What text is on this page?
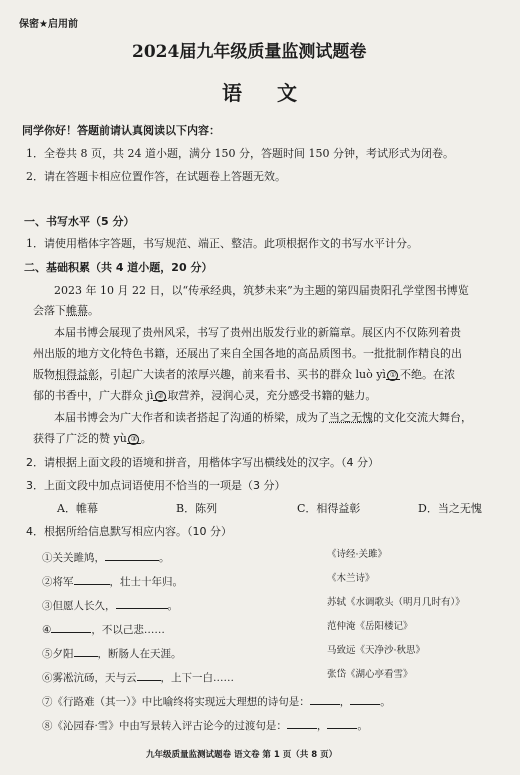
保密★启用前
2024届九年级质量监测试题卷
语 文
同学你好！答题前请认真阅读以下内容：
1．全卷共 8 页，共 24 道小题，满分 150 分，答题时间 150 分钟，考试形式为闭卷。
2．请在答题卡相应位置作答，在试题卷上答题无效。
一、书写水平（5 分）
1．请使用楷体字答题，书写规范、端正、整洁。此项根据作文的书写水平计分。
二、基础积累（共 4 道小题，20 分）
2023 年 10 月 22 日，以“传承经典，筑梦未来”为主题的第四届贵阳孔学堂图书博览
会落下帷幕。
本届书博会展现了贵州风采，书写了贵州出版发行业的新篇章。展区内不仅陈列着贵
州出版的地方文化特色书籍，还展出了来自全国各地的高品质图书。一批批制作精良的出
版物相得益彰，引起广大读者的浓厚兴趣，前来看书、买书的群众 luò yì ① 不绝。在浓
郁的书香中，广大群众 jì ② 取营养，浸润心灵，充分感受书籍的魅力。
本届书博会为广大作者和读者搭起了沟通的桥梁，成为了当之无愧的文化交流大舞台，
获得了广泛的赞 yù ③ 。
2．请根据上面文段的语境和拼音，用楷体字写出横线处的汉字。（4 分）
3．上面文段中加点词语使用不恰当的一项是（3 分）
A．帷幕	B．陈列	C．相得益彰	D．当之无愧
4．根据所给信息默写相应内容。（10 分）
①关关雎鸠，	。	《诗经·关雎》
②将军	，壮士十年归。	《木兰诗》
③但愿人长久，	。	苏轼《水调歌头（明月几时有）》
④	，不以己悲……	范仲淹《岳阳楼记》
⑤夕阳 ，断肠人在天涯。	马致远《天净沙·秋思》
⑥雾凇沆砀，天与云 ，上下一白……	张岱《湖心亭看雪》
⑦《行路难（其一）》中比喻终将实现远大理想的诗句是：	，	。
⑧《沁园春·雪》中由写景转入评古论今的过渡句是：	，	。
九年级质量监测试题卷 语文卷 第 1 页（共 8 页）
